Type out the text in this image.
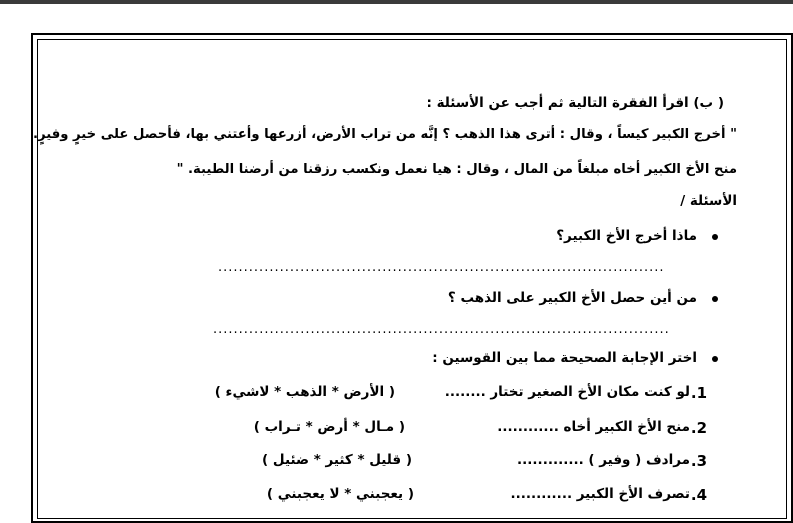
( ب) اقرأ الفقرة التالية ثم أجب عن الأسئلة :
" أخرج الكبير كيساً ، وقال : أترى هذا الذهب ؟ إنَّه من تراب الأرض، أزرعها وأعتني بها، فأحصل على خيرٍ وفيرٍ.
منح الأخ الكبير أخاه مبلغاً من المال ، وقال : هيا نعمل ونكسب رزقنا من أرضنا الطيبة. "
الأسئلة /
ماذا أخرج الأخ الكبير؟
.......................................................................................
من أين حصل الأخ الكبير على الذهب ؟
.........................................................................................
اختر الإجابة الصحيحة مما بين القوسين :
1.
لو كنت مكان الأخ الصغير تختار ........
( الأرض * الذهب * لاشيء )
2.
منح الأخ الكبير أخاه ............
( مـال * أرض * تـراب )
3.
مرادف ( وفير ) .............
( قليل * كثير * ضئيل )
4.
تصرف الأخ الكبير ............
( يعجبني * لا يعجبني )
